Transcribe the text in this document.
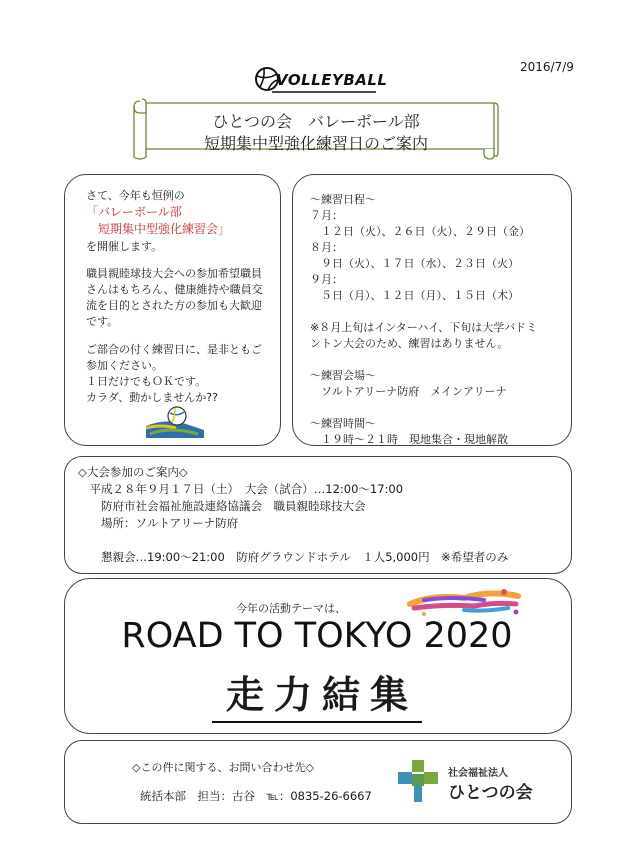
2016/7/9
VOLLEYBALL
ひとつの会　バレーボール部
短期集中型強化練習日のご案内
さて、今年も恒例の
「バレーボール部
　短期集中型強化練習会」
を開催します。
職員親睦球技大会への参加希望職員
さんはもちろん、健康維持や職員交
流を目的とされた方の参加も大歓迎
です。
ご部合の付く練習日に、是非ともご
参加ください。
１日だけでもＯＫです。
カラダ、動かしませんか??
～練習日程～
７月：
　１２日（火）、２６日（火）、２９日（金）
８月：
　９日（火）、１７日（水）、２３日（火）
９月：
　５日（月）、１２日（月）、１５日（木）

※８月上旬はインターハイ、下旬は大学バドミ
ントン大会のため、練習はありません。

～練習会場～
　ソルトアリーナ防府　メインアリーナ

～練習時間～
　１９時～２１時　現地集合・現地解散
◇大会参加のご案内◇
　平成２８年９月１７日（土）　大会（試合）…12:00～17:00
　　防府市社会福祉施設連絡協議会　職員親睦球技大会
　　場所：ソルトアリーナ防府

　　懇親会…19:00～21:00　防府グラウンドホテル　１人5,000円　※希望者のみ
今年の活動テーマは、
ROAD TO TOKYO 2020
走力結集
◇この件に関する、お問い合わせ先◇
統括本部　担当：古谷　℡：0835-26-6667
社会福祉法人
ひとつの会
